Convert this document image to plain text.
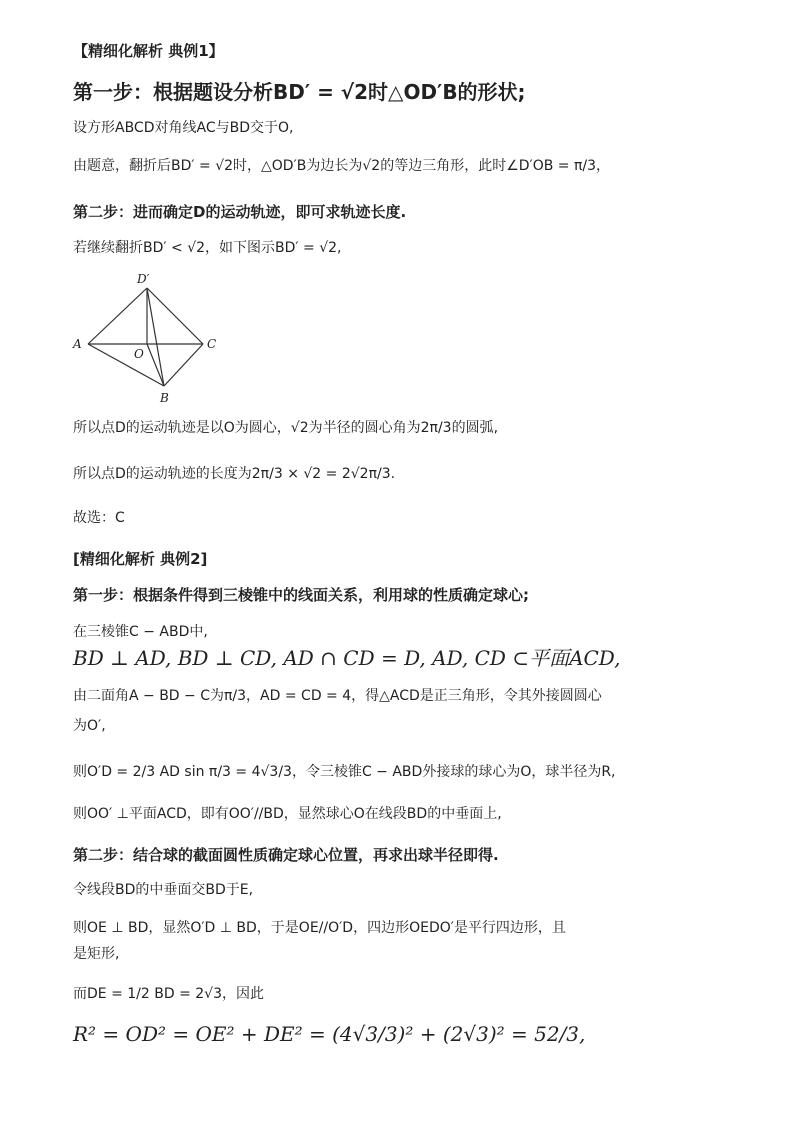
【精细化解析 典例1】
第一步：根据题设分析BD′ = √2时△OD′B的形状;
设方形ABCD对角线AC与BD交于O,
由题意，翻折后BD′ = √2时，△OD′B为边长为√2的等边三角形，此时∠D′OB = π/3，
第二步：进而确定D的运动轨迹，即可求轨迹长度.
若继续翻折BD′ < √2，如下图示BD′ = √2,
D′
A
O
C
B
所以点D的运动轨迹是以O为圆心，√2为半径的圆心角为2π/3的圆弧,
所以点D的运动轨迹的长度为2π/3 × √2 = 2√2π/3.
故选：C
[精细化解析 典例2]
第一步：根据条件得到三棱锥中的线面关系，利用球的性质确定球心;
在三棱锥C − ABD中,
BD ⊥ AD, BD ⊥ CD, AD ∩ CD = D, AD, CD ⊂平面ACD,
由二面角A − BD − C为π/3，AD = CD = 4，得△ACD是正三角形，令其外接圆圆心
为O′,
则O′D = 2/3 AD sin π/3 = 4√3/3，令三棱锥C − ABD外接球的球心为O，球半径为R,
则OO′ ⊥平面ACD，即有OO′//BD，显然球心O在线段BD的中垂面上,
第二步：结合球的截面圆性质确定球心位置，再求出球半径即得.
令线段BD的中垂面交BD于E,
则OE ⊥ BD，显然O′D ⊥ BD，于是OE//O′D，四边形OEDO′是平行四边形，且
是矩形,
而DE = 1/2 BD = 2√3，因此
R² = OD² = OE² + DE² = (4√3/3)² + (2√3)² = 52/3,
